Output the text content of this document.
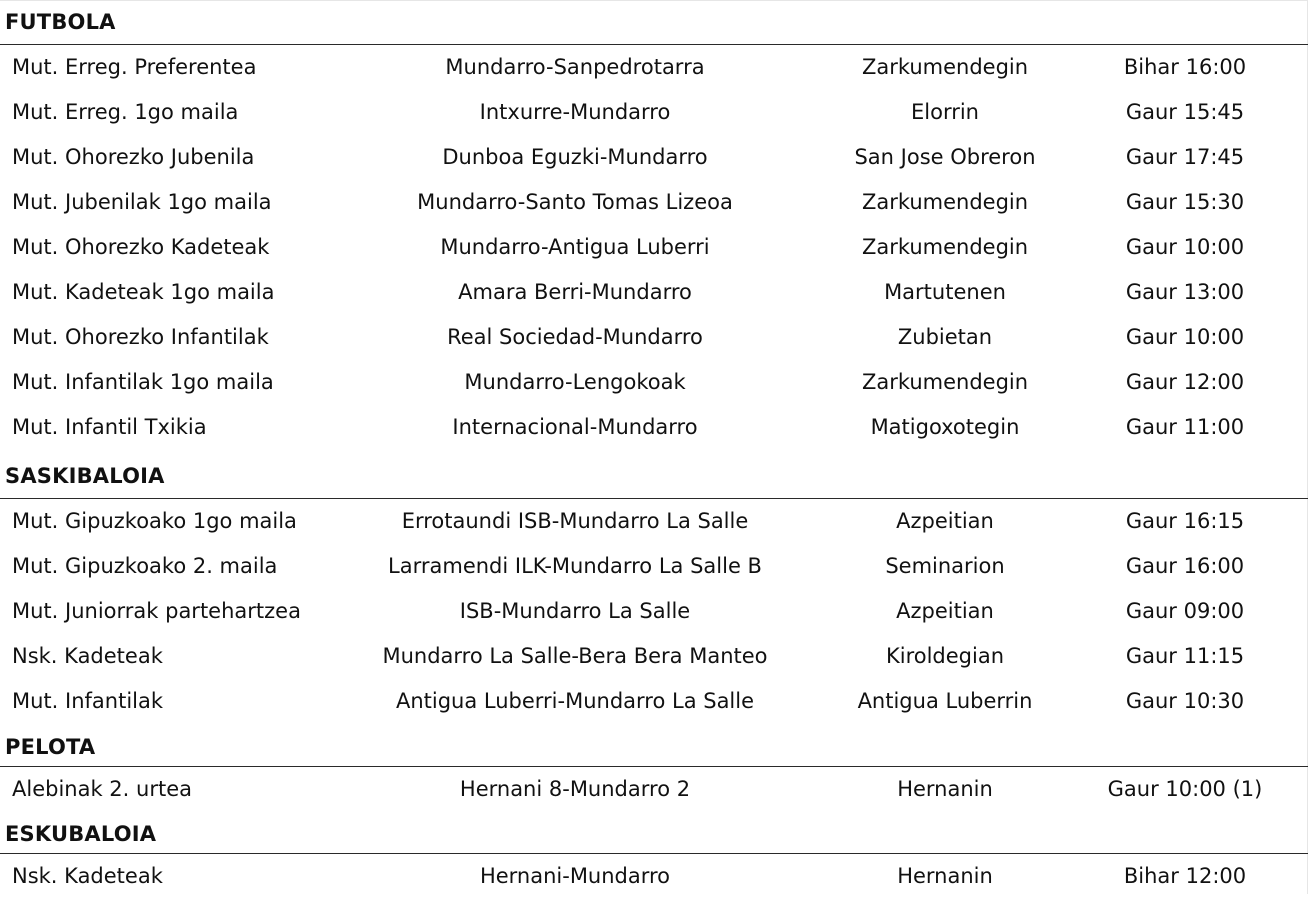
FUTBOLA
Mut. Erreg. Preferentea	Mundarro-Sanpedrotarra	Zarkumendegin	Bihar 16:00
Mut. Erreg. 1go maila	Intxurre-Mundarro	Elorrin	Gaur 15:45
Mut. Ohorezko Jubenila	Dunboa Eguzki-Mundarro	San Jose Obreron	Gaur 17:45
Mut. Jubenilak 1go maila	Mundarro-Santo Tomas Lizeoa	Zarkumendegin	Gaur 15:30
Mut. Ohorezko Kadeteak	Mundarro-Antigua Luberri	Zarkumendegin	Gaur 10:00
Mut. Kadeteak 1go maila	Amara Berri-Mundarro	Martutenen	Gaur 13:00
Mut. Ohorezko Infantilak	Real Sociedad-Mundarro	Zubietan	Gaur 10:00
Mut. Infantilak 1go maila	Mundarro-Lengokoak	Zarkumendegin	Gaur 12:00
Mut. Infantil Txikia	Internacional-Mundarro	Matigoxotegin	Gaur 11:00
SASKIBALOIA
Mut. Gipuzkoako 1go maila	Errotaundi ISB-Mundarro La Salle	Azpeitian	Gaur 16:15
Mut. Gipuzkoako 2. maila	Larramendi ILK-Mundarro La Salle B	Seminarion	Gaur 16:00
Mut. Juniorrak partehartzea	ISB-Mundarro La Salle	Azpeitian	Gaur 09:00
Nsk. Kadeteak	Mundarro La Salle-Bera Bera Manteo	Kiroldegian	Gaur 11:15
Mut. Infantilak	Antigua Luberri-Mundarro La Salle	Antigua Luberrin	Gaur 10:30
PELOTA
Alebinak 2. urtea	Hernani 8-Mundarro 2	Hernanin	Gaur 10:00 (1)
ESKUBALOIA
Nsk. Kadeteak	Hernani-Mundarro	Hernanin	Bihar 12:00
